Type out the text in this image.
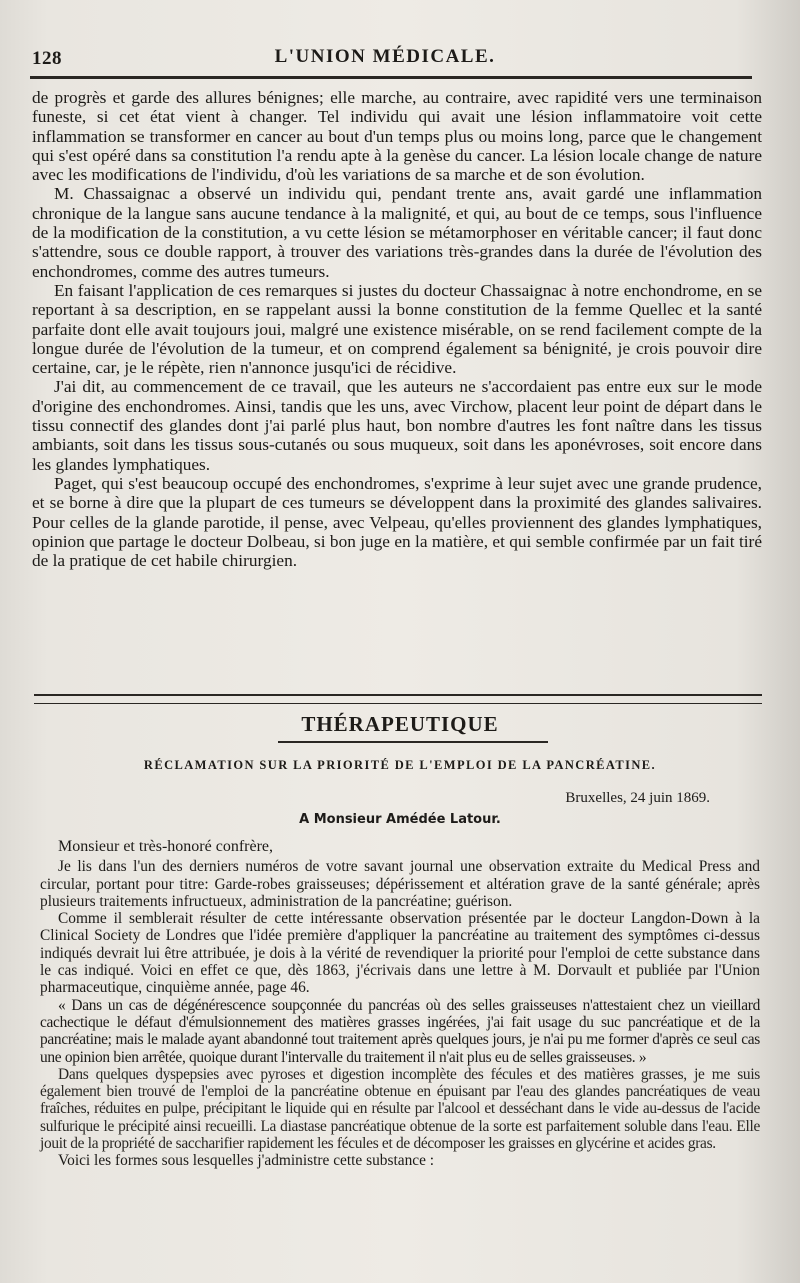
128	L'UNION MÉDICALE.

de progrès et garde des allures bénignes; elle marche, au contraire, avec rapidité vers une terminaison funeste, si cet état vient à changer. Tel individu qui avait une lésion inflammatoire voit cette inflammation se transformer en cancer au bout d'un temps plus ou moins long, parce que le changement qui s'est opéré dans sa constitution l'a rendu apte à la genèse du cancer. La lésion locale change de nature avec les modifications de l'individu, d'où les variations de sa marche et de son évolution.

M. Chassaignac a observé un individu qui, pendant trente ans, avait gardé une inflammation chronique de la langue sans aucune tendance à la malignité, et qui, au bout de ce temps, sous l'influence de la modification de la constitution, a vu cette lésion se métamorphoser en véritable cancer; il faut donc s'attendre, sous ce double rapport, à trouver des variations très-grandes dans la durée de l'évolution des enchondromes, comme des autres tumeurs.

En faisant l'application de ces remarques si justes du docteur Chassaignac à notre enchondrome, en se reportant à sa description, en se rappelant aussi la bonne constitution de la femme Quellec et la santé parfaite dont elle avait toujours joui, malgré une existence misérable, on se rend facilement compte de la longue durée de l'évolution de la tumeur, et on comprend également sa bénignité, je crois pouvoir dire certaine, car, je le répète, rien n'annonce jusqu'ici de récidive.

J'ai dit, au commencement de ce travail, que les auteurs ne s'accordaient pas entre eux sur le mode d'origine des enchondromes. Ainsi, tandis que les uns, avec Virchow, placent leur point de départ dans le tissu connectif des glandes dont j'ai parlé plus haut, bon nombre d'autres les font naître dans les tissus ambiants, soit dans les tissus sous-cutanés ou sous muqueux, soit dans les aponévroses, soit encore dans les glandes lymphatiques.

Paget, qui s'est beaucoup occupé des enchondromes, s'exprime à leur sujet avec une grande prudence, et se borne à dire que la plupart de ces tumeurs se développent dans la proximité des glandes salivaires. Pour celles de la glande parotide, il pense, avec Velpeau, qu'elles proviennent des glandes lymphatiques, opinion que partage le docteur Dolbeau, si bon juge en la matière, et qui semble confirmée par un fait tiré de la pratique de cet habile chirurgien.

THÉRAPEUTIQUE
RÉCLAMATION SUR LA PRIORITÉ DE L'EMPLOI DE LA PANCRÉATINE.
Bruxelles, 24 juin 1869.
A Monsieur Amédée Latour.

Monsieur et très-honoré confrère,

Je lis dans l'un des derniers numéros de votre savant journal une observation extraite du Medical Press and circular, portant pour titre: Garde-robes graisseuses; dépérissement et altération grave de la santé générale; après plusieurs traitements infructueux, administration de la pancréatine; guérison.

Comme il semblerait résulter de cette intéressante observation présentée par le docteur Langdon-Down à la Clinical Society de Londres que l'idée première d'appliquer la pancréatine au traitement des symptômes ci-dessus indiqués devrait lui être attribuée, je dois à la vérité de revendiquer la priorité pour l'emploi de cette substance dans le cas indiqué. Voici en effet ce que, dès 1863, j'écrivais dans une lettre à M. Dorvault et publiée par l'Union pharmaceutique, cinquième année, page 46.

« Dans un cas de dégénérescence soupçonnée du pancréas où des selles graisseuses n'attestaient chez un vieillard cachectique le défaut d'émulsionnement des matières grasses ingérées, j'ai fait usage du suc pancréatique et de la pancréatine; mais le malade ayant abandonné tout traitement après quelques jours, je n'ai pu me former d'après ce seul cas une opinion bien arrêtée, quoique durant l'intervalle du traitement il n'ait plus eu de selles graisseuses. »

Dans quelques dyspepsies avec pyroses et digestion incomplète des fécules et des matières grasses, je me suis également bien trouvé de l'emploi de la pancréatine obtenue en épuisant par l'eau des glandes pancréatiques de veau fraîches, réduites en pulpe, précipitant le liquide qui en résulte par l'alcool et desséchant dans le vide au-dessus de l'acide sulfurique le précipité ainsi recueilli. La diastase pancréatique obtenue de la sorte est parfaitement soluble dans l'eau. Elle jouit de la propriété de saccharifier rapidement les fécules et de décomposer les graisses en glycérine et acides gras.

Voici les formes sous lesquelles j'administre cette substance :
